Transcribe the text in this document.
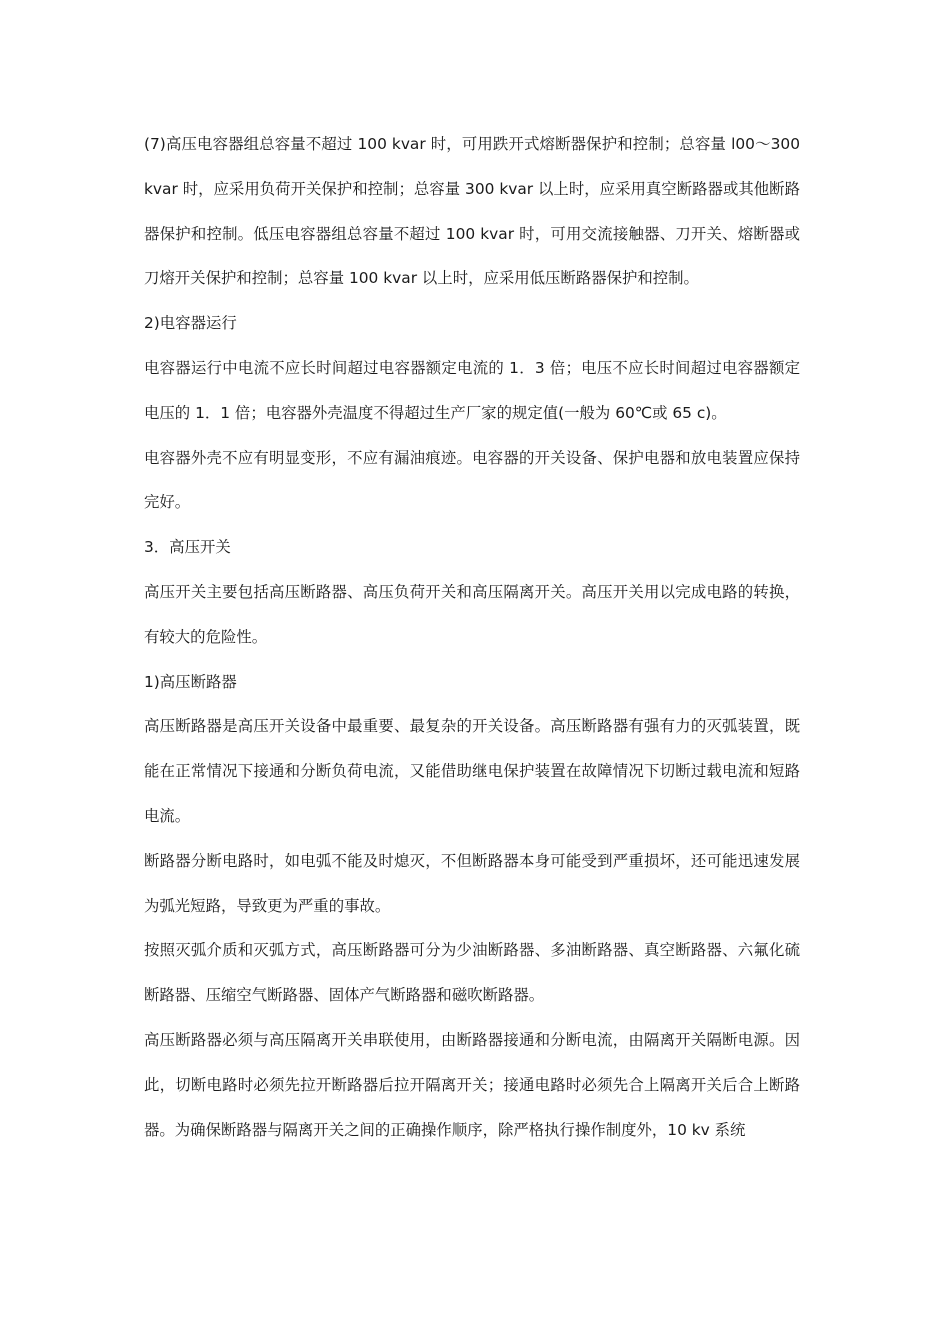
(7)高压电容器组总容量不超过 100 kvar 时，可用跌开式熔断器保护和控制；总容量 l00～300　kvar 时，应采用负荷开关保护和控制；总容量 300 kvar 以上时，应采用真空断路器或其他断路器保护和控制。低压电容器组总容量不超过 100 kvar 时，可用交流接触器、刀开关、熔断器或刀熔开关保护和控制；总容量 100 kvar 以上时，应采用低压断路器保护和控制。

2)电容器运行

电容器运行中电流不应长时间超过电容器额定电流的 1．3 倍；电压不应长时间超过电容器额定电压的 1．1 倍；电容器外壳温度不得超过生产厂家的规定值(一般为 60℃或 65 c)。

电容器外壳不应有明显变形，不应有漏油痕迹。电容器的开关设备、保护电器和放电装置应保持完好。

3．高压开关

高压开关主要包括高压断路器、高压负荷开关和高压隔离开关。高压开关用以完成电路的转换，有较大的危险性。

1)高压断路器

高压断路器是高压开关设备中最重要、最复杂的开关设备。高压断路器有强有力的灭弧装置，既能在正常情况下接通和分断负荷电流，又能借助继电保护装置在故障情况下切断过载电流和短路电流。

断路器分断电路时，如电弧不能及时熄灭，不但断路器本身可能受到严重损坏，还可能迅速发展为弧光短路，导致更为严重的事故。

按照灭弧介质和灭弧方式，高压断路器可分为少油断路器、多油断路器、真空断路器、六氟化硫断路器、压缩空气断路器、固体产气断路器和磁吹断路器。

高压断路器必须与高压隔离开关串联使用，由断路器接通和分断电流，由隔离开关隔断电源。因此，切断电路时必须先拉开断路器后拉开隔离开关；接通电路时必须先合上隔离开关后合上断路器。为确保断路器与隔离开关之间的正确操作顺序，除严格执行操作制度外，10 kv 系统
